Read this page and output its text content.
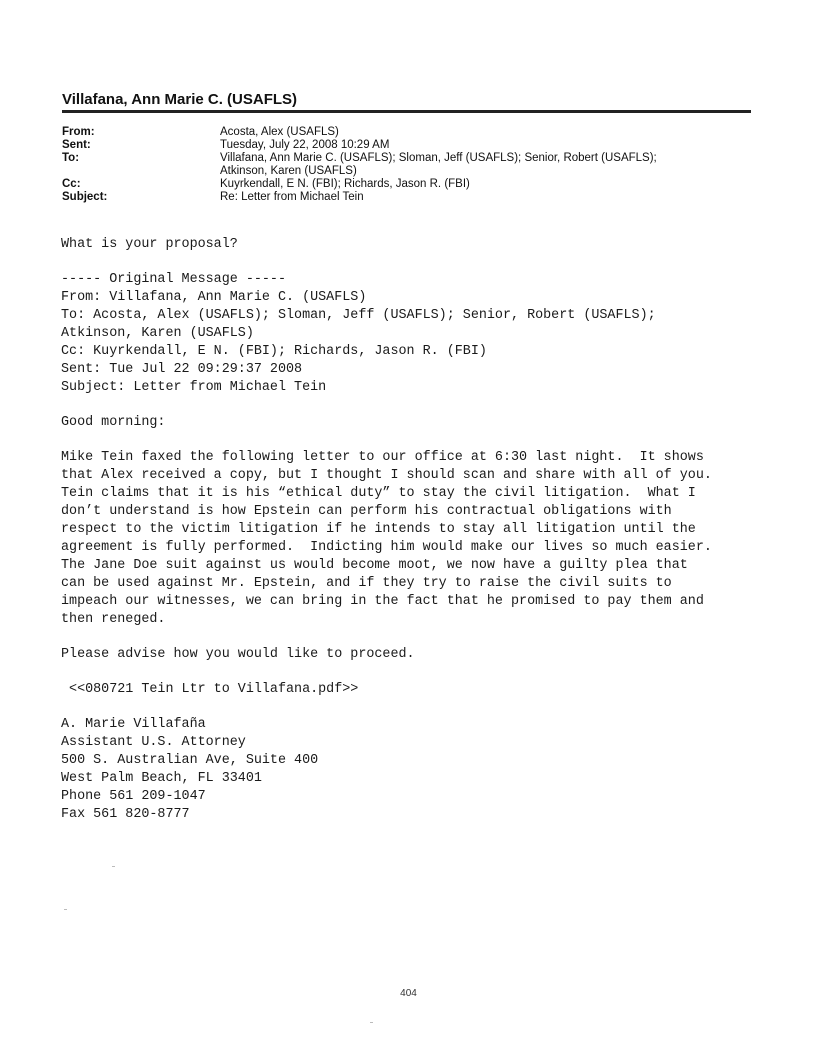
Villafana, Ann Marie C. (USAFLS)
From:	Acosta, Alex (USAFLS)
Sent:	Tuesday, July 22, 2008 10:29 AM
To:	Villafana, Ann Marie C. (USAFLS); Sloman, Jeff (USAFLS); Senior, Robert (USAFLS);
Atkinson, Karen (USAFLS)
Cc:	Kuyrkendall, E N. (FBI); Richards, Jason R. (FBI)
Subject:	Re: Letter from Michael Tein
What is your proposal?
----- Original Message -----
From: Villafana, Ann Marie C. (USAFLS)
To: Acosta, Alex (USAFLS); Sloman, Jeff (USAFLS); Senior, Robert (USAFLS);
Atkinson, Karen (USAFLS)
Cc: Kuyrkendall, E N. (FBI); Richards, Jason R. (FBI)
Sent: Tue Jul 22 09:29:37 2008
Subject: Letter from Michael Tein
Good morning:
Mike Tein faxed the following letter to our office at 6:30 last night.  It shows
that Alex received a copy, but I thought I should scan and share with all of you.
Tein claims that it is his “ethical duty” to stay the civil litigation.  What I
don’t understand is how Epstein can perform his contractual obligations with
respect to the victim litigation if he intends to stay all litigation until the
agreement is fully performed.  Indicting him would make our lives so much easier.
The Jane Doe suit against us would become moot, we now have a guilty plea that
can be used against Mr. Epstein, and if they try to raise the civil suits to
impeach our witnesses, we can bring in the fact that he promised to pay them and
then reneged.
Please advise how you would like to proceed.
<<080721 Tein Ltr to Villafana.pdf>>
A. Marie Villafaña
Assistant U.S. Attorney
500 S. Australian Ave, Suite 400
West Palm Beach, FL 33401
Phone 561 209-1047
Fax 561 820-8777
404
